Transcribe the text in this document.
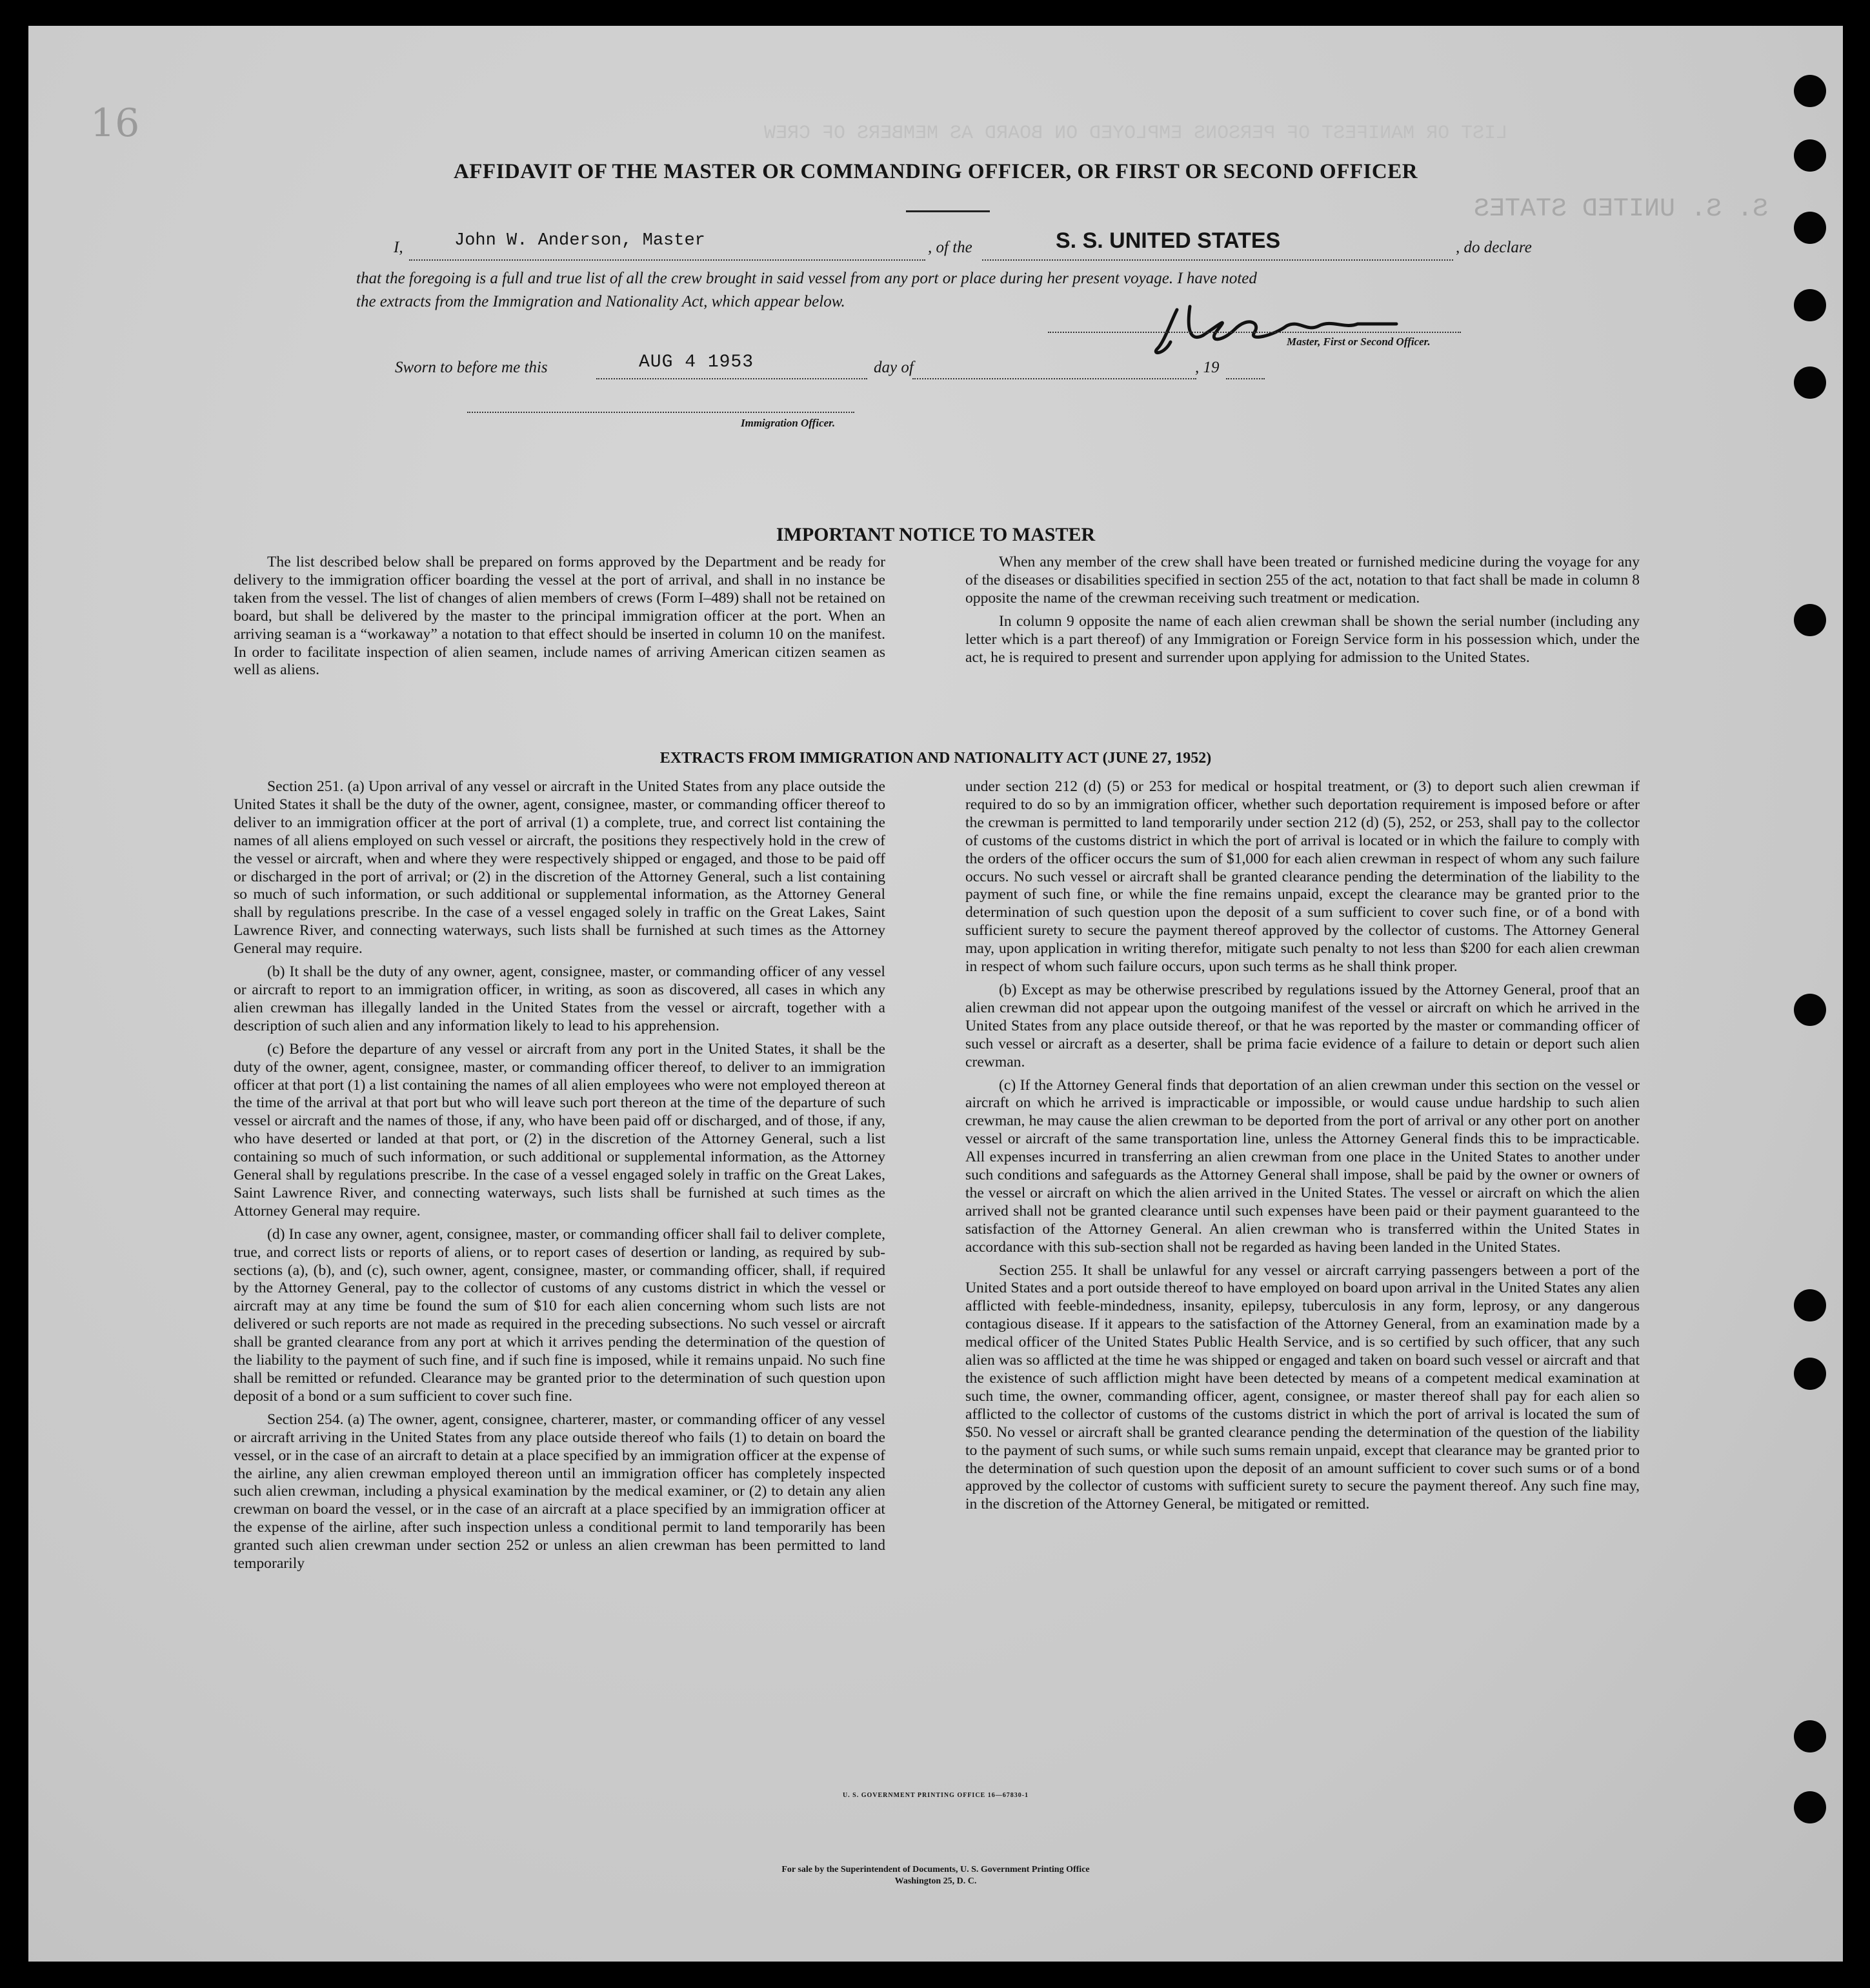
16	LIST OR MANIFEST OF PERSONS EMPLOYED ON BOARD AS MEMBERS OF CREW
S. S. UNITED STATES
AFFIDAVIT OF THE MASTER OR COMMANDING OFFICER, OR FIRST OR SECOND OFFICER
I,	John W. Anderson, Master	, of the	S. S. UNITED STATES	, do declare
that the foregoing is a full and true list of all the crew brought in said vessel from any port or place during her present voyage. I have noted
the extracts from the Immigration and Nationality Act, which appear below.
Master, First or Second Officer.
Sworn to before me this	AUG 4 1953	day of	, 19
Immigration Officer.
IMPORTANT NOTICE TO MASTER

The list described below shall be prepared on forms approved by the Department and be ready for delivery to the immigration officer boarding the vessel at the port of arrival, and shall in no instance be taken from the vessel. The list of changes of alien members of crews (Form I–489) shall not be retained on board, but shall be delivered by the master to the principal immigration officer at the port. When an arriving seaman is a “workaway” a notation to that effect should be inserted in column 10 on the manifest. In order to facilitate inspection of alien seamen, include names of arriving American citizen seamen as well as aliens.

When any member of the crew shall have been treated or furnished medicine during the voyage for any of the diseases or disabilities specified in section 255 of the act, notation to that fact shall be made in column 8 opposite the name of the crewman receiving such treatment or medication.

In column 9 opposite the name of each alien crewman shall be shown the serial number (including any letter which is a part thereof) of any Immigration or Foreign Service form in his possession which, under the act, he is required to present and surrender upon applying for admission to the United States.

EXTRACTS FROM IMMIGRATION AND NATIONALITY ACT (JUNE 27, 1952)

Section 251. (a) Upon arrival of any vessel or aircraft in the United States from any place outside the United States it shall be the duty of the owner, agent, consignee, master, or commanding officer thereof to deliver to an immigration officer at the port of arrival (1) a complete, true, and correct list containing the names of all aliens employed on such vessel or aircraft, the positions they respectively hold in the crew of the vessel or aircraft, when and where they were respectively shipped or engaged, and those to be paid off or discharged in the port of arrival; or (2) in the discretion of the Attorney General, such a list containing so much of such information, or such additional or supplemental information, as the Attorney General shall by regulations prescribe. In the case of a vessel engaged solely in traffic on the Great Lakes, Saint Lawrence River, and connecting waterways, such lists shall be furnished at such times as the Attorney General may require.

(b) It shall be the duty of any owner, agent, consignee, master, or commanding officer of any vessel or aircraft to report to an immigration officer, in writing, as soon as discovered, all cases in which any alien crewman has illegally landed in the United States from the vessel or aircraft, together with a description of such alien and any information likely to lead to his apprehension.

(c) Before the departure of any vessel or aircraft from any port in the United States, it shall be the duty of the owner, agent, consignee, master, or commanding officer thereof, to deliver to an immigration officer at that port (1) a list containing the names of all alien employees who were not employed thereon at the time of the arrival at that port but who will leave such port thereon at the time of the departure of such vessel or aircraft and the names of those, if any, who have been paid off or discharged, and of those, if any, who have deserted or landed at that port, or (2) in the discretion of the Attorney General, such a list containing so much of such information, or such additional or supplemental information, as the Attorney General shall by regulations prescribe. In the case of a vessel engaged solely in traffic on the Great Lakes, Saint Lawrence River, and connecting waterways, such lists shall be furnished at such times as the Attorney General may require.

(d) In case any owner, agent, consignee, master, or commanding officer shall fail to deliver complete, true, and correct lists or reports of aliens, or to report cases of desertion or landing, as required by sub-sections (a), (b), and (c), such owner, agent, consignee, master, or commanding officer, shall, if required by the Attorney General, pay to the collector of customs of any customs district in which the vessel or aircraft may at any time be found the sum of $10 for each alien concerning whom such lists are not delivered or such reports are not made as required in the preceding subsections. No such vessel or aircraft shall be granted clearance from any port at which it arrives pending the determination of the question of the liability to the payment of such fine, and if such fine is imposed, while it remains unpaid. No such fine shall be remitted or refunded. Clearance may be granted prior to the determination of such question upon deposit of a bond or a sum sufficient to cover such fine.

Section 254. (a) The owner, agent, consignee, charterer, master, or commanding officer of any vessel or aircraft arriving in the United States from any place outside thereof who fails (1) to detain on board the vessel, or in the case of an aircraft to detain at a place specified by an immigration officer at the expense of the airline, any alien crewman employed thereon until an immigration officer has completely inspected such alien crewman, including a physical examination by the medical examiner, or (2) to detain any alien crewman on board the vessel, or in the case of an aircraft at a place specified by an immigration officer at the expense of the airline, after such inspection unless a conditional permit to land temporarily has been granted such alien crewman under section 252 or unless an alien crewman has been permitted to land temporarily

under section 212 (d) (5) or 253 for medical or hospital treatment, or (3) to deport such alien crewman if required to do so by an immigration officer, whether such deportation requirement is imposed before or after the crewman is permitted to land temporarily under section 212 (d) (5), 252, or 253, shall pay to the collector of customs of the customs district in which the port of arrival is located or in which the failure to comply with the orders of the officer occurs the sum of $1,000 for each alien crewman in respect of whom any such failure occurs. No such vessel or aircraft shall be granted clearance pending the determination of the liability to the payment of such fine, or while the fine remains unpaid, except the clearance may be granted prior to the determination of such question upon the deposit of a sum sufficient to cover such fine, or of a bond with sufficient surety to secure the payment thereof approved by the collector of customs. The Attorney General may, upon application in writing therefor, mitigate such penalty to not less than $200 for each alien crewman in respect of whom such failure occurs, upon such terms as he shall think proper.

(b) Except as may be otherwise prescribed by regulations issued by the Attorney General, proof that an alien crewman did not appear upon the outgoing manifest of the vessel or aircraft on which he arrived in the United States from any place outside thereof, or that he was reported by the master or commanding officer of such vessel or aircraft as a deserter, shall be prima facie evidence of a failure to detain or deport such alien crewman.

(c) If the Attorney General finds that deportation of an alien crewman under this section on the vessel or aircraft on which he arrived is impracticable or impossible, or would cause undue hardship to such alien crewman, he may cause the alien crewman to be deported from the port of arrival or any other port on another vessel or aircraft of the same transportation line, unless the Attorney General finds this to be impracticable. All expenses incurred in transferring an alien crewman from one place in the United States to another under such conditions and safeguards as the Attorney General shall impose, shall be paid by the owner or owners of the vessel or aircraft on which the alien arrived in the United States. The vessel or aircraft on which the alien arrived shall not be granted clearance until such expenses have been paid or their payment guaranteed to the satisfaction of the Attorney General. An alien crewman who is transferred within the United States in accordance with this sub-section shall not be regarded as having been landed in the United States.

Section 255. It shall be unlawful for any vessel or aircraft carrying passengers between a port of the United States and a port outside thereof to have employed on board upon arrival in the United States any alien afflicted with feeble-mindedness, insanity, epilepsy, tuberculosis in any form, leprosy, or any dangerous contagious disease. If it appears to the satisfaction of the Attorney General, from an examination made by a medical officer of the United States Public Health Service, and is so certified by such officer, that any such alien was so afflicted at the time he was shipped or engaged and taken on board such vessel or aircraft and that the existence of such affliction might have been detected by means of a competent medical examination at such time, the owner, commanding officer, agent, consignee, or master thereof shall pay for each alien so afflicted to the collector of customs of the customs district in which the port of arrival is located the sum of $50. No vessel or aircraft shall be granted clearance pending the determination of the question of the liability to the payment of such sums, or while such sums remain unpaid, except that clearance may be granted prior to the determination of such question upon the deposit of an amount sufficient to cover such sums or of a bond approved by the collector of customs with sufficient surety to secure the payment thereof. Any such fine may, in the discretion of the Attorney General, be mitigated or remitted.

U. S. GOVERNMENT PRINTING OFFICE 16—67830-1
For sale by the Superintendent of Documents, U. S. Government Printing Office
Washington 25, D. C.
